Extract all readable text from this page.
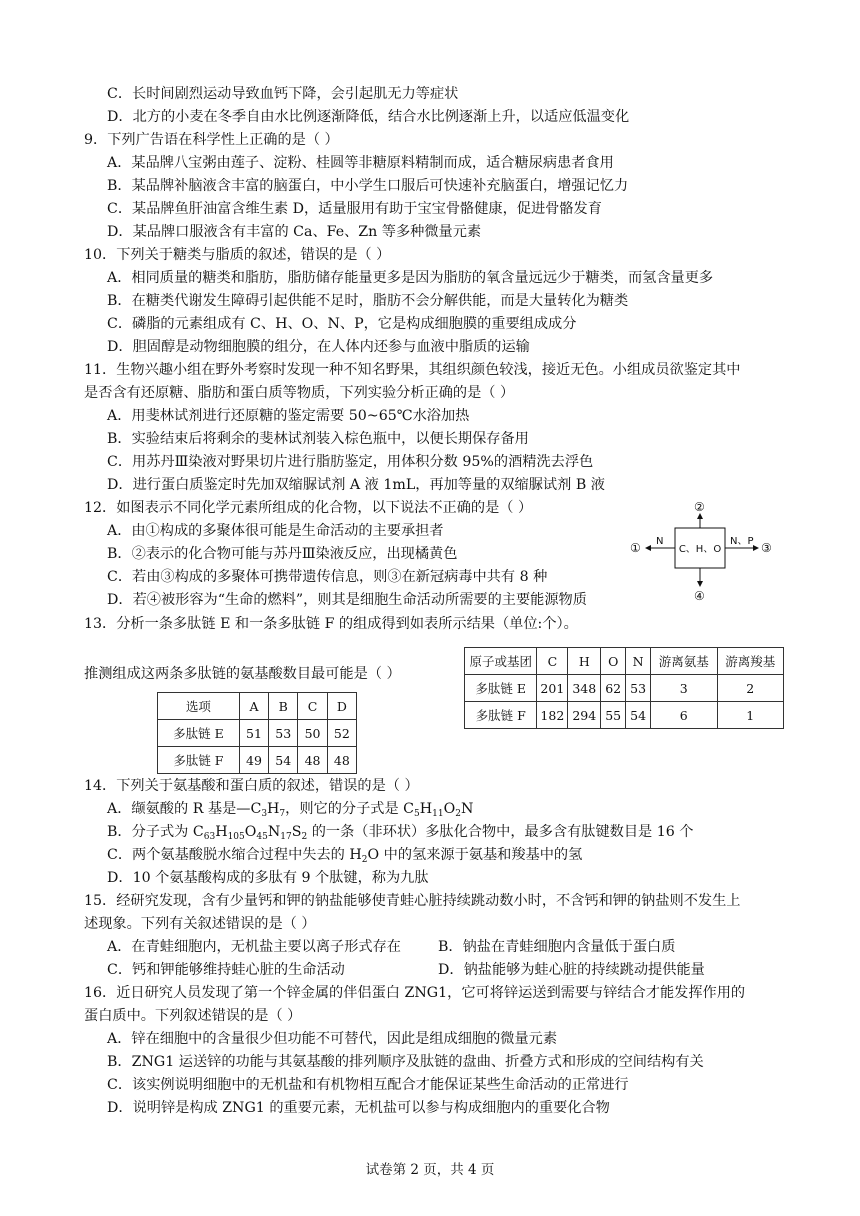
C．长时间剧烈运动导致血钙下降，会引起肌无力等症状
D．北方的小麦在冬季自由水比例逐渐降低，结合水比例逐渐上升，以适应低温变化
9．下列广告语在科学性上正确的是（ ）
A．某品牌八宝粥由莲子、淀粉、桂圆等非糖原料精制而成，适合糖尿病患者食用
B．某品牌补脑液含丰富的脑蛋白，中小学生口服后可快速补充脑蛋白，增强记忆力
C．某品牌鱼肝油富含维生素 D，适量服用有助于宝宝骨骼健康，促进骨骼发育
D．某品牌口服液含有丰富的 Ca、Fe、Zn 等多种微量元素
10．下列关于糖类与脂质的叙述，错误的是（ ）
A．相同质量的糖类和脂肪，脂肪储存能量更多是因为脂肪的氧含量远远少于糖类，而氢含量更多
B．在糖类代谢发生障碍引起供能不足时，脂肪不会分解供能，而是大量转化为糖类
C．磷脂的元素组成有 C、H、O、N、P，它是构成细胞膜的重要组成成分
D．胆固醇是动物细胞膜的组分，在人体内还参与血液中脂质的运输
11．生物兴趣小组在野外考察时发现一种不知名野果，其组织颜色较浅，接近无色。小组成员欲鉴定其中
是否含有还原糖、脂肪和蛋白质等物质，下列实验分析正确的是（ ）
A．用斐林试剂进行还原糖的鉴定需要 50~65℃水浴加热
B．实验结束后将剩余的斐林试剂装入棕色瓶中，以便长期保存备用
C．用苏丹Ⅲ染液对野果切片进行脂肪鉴定，用体积分数 95%的酒精洗去浮色
D．进行蛋白质鉴定时先加双缩脲试剂 A 液 1mL，再加等量的双缩脲试剂 B 液
12．如图表示不同化学元素所组成的化合物，以下说法不正确的是（ ）
A．由①构成的多聚体很可能是生命活动的主要承担者
B．②表示的化合物可能与苏丹Ⅲ染液反应，出现橘黄色
C．若由③构成的多聚体可携带遗传信息，则③在新冠病毒中共有 8 种
D．若④被形容为“生命的燃料”，则其是细胞生命活动所需要的主要能源物质
C、H、O
N	N、P
①
②
③
④
13．分析一条多肽链 E 和一条多肽链 F 的组成得到如表所示结果（单位:个）。
原子或基团	C	H	O	N	游离氨基	游离羧基
多肽链 E	201	348	62	53	3	2
多肽链 F	182	294	55	54	6	1
推测组成这两条多肽链的氨基酸数目最可能是（ ）
选项	A	B	C	D
多肽链 E	51	53	50	52
多肽链 F	49	54	48	48
14．下列关于氨基酸和蛋白质的叙述，错误的是（ ）
A．缬氨酸的 R 基是$—C_3H_7$，则它的分子式是 $C_5H_{11}O_2N$
B．分子式为 $C_{63}H_{105}O_{45}N_{17}S_2$ 的一条（非环状）多肽化合物中，最多含有肽键数目是 16 个
C．两个氨基酸脱水缩合过程中失去的 $H_2O$ 中的氢来源于氨基和羧基中的氢
D．10 个氨基酸构成的多肽有 9 个肽键，称为九肽
15．经研究发现，含有少量钙和钾的钠盐能够使青蛙心脏持续跳动数小时，不含钙和钾的钠盐则不发生上
述现象。下列有关叙述错误的是（ ）
A．在青蛙细胞内，无机盐主要以离子形式存在	B．钠盐在青蛙细胞内含量低于蛋白质
C．钙和钾能够维持蛙心脏的生命活动	D．钠盐能够为蛙心脏的持续跳动提供能量
16．近日研究人员发现了第一个锌金属的伴侣蛋白 ZNG1，它可将锌运送到需要与锌结合才能发挥作用的
蛋白质中。下列叙述错误的是（ ）
A．锌在细胞中的含量很少但功能不可替代，因此是组成细胞的微量元素
B．ZNG1 运送锌的功能与其氨基酸的排列顺序及肽链的盘曲、折叠方式和形成的空间结构有关
C．该实例说明细胞中的无机盐和有机物相互配合才能保证某些生命活动的正常进行
D．说明锌是构成 ZNG1 的重要元素，无机盐可以参与构成细胞内的重要化合物
试卷第 2 页，共 4 页
